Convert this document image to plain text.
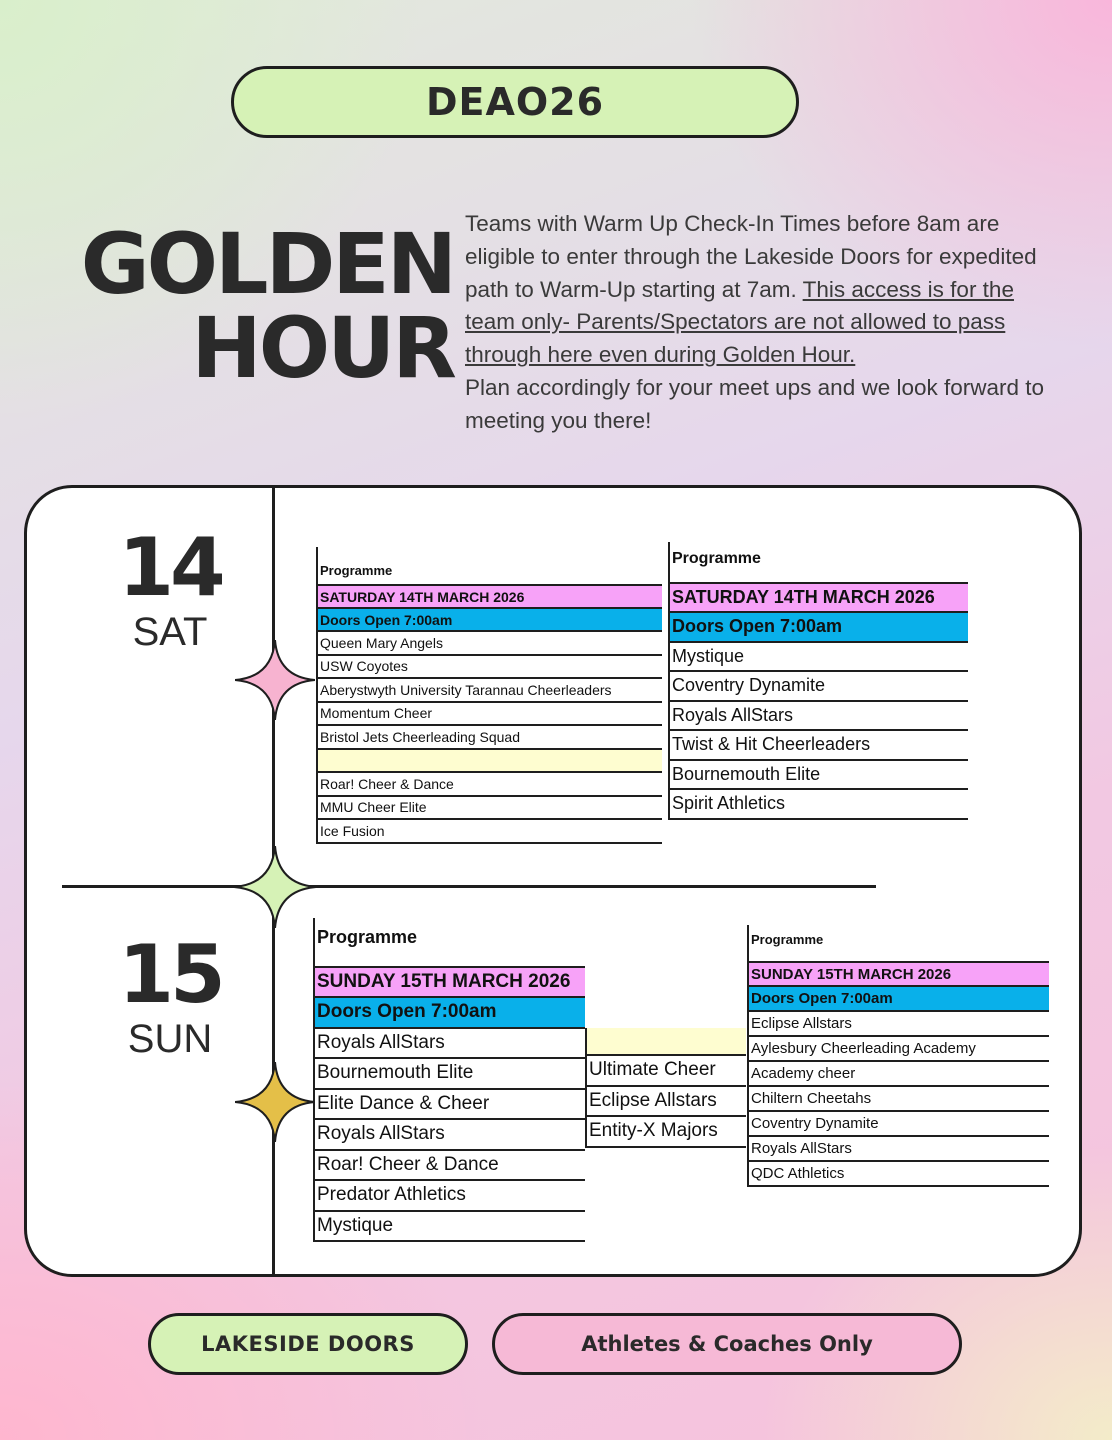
DEAO26
GOLDEN
HOUR
Teams with Warm Up Check-In Times before 8am are eligible to enter through the Lakeside Doors for expedited path to Warm-Up starting at 7am. This access is for the team only- Parents/Spectators are not allowed to pass through here even during Golden Hour.
Plan accordingly for your meet ups and we look forward to meeting you there!
14
SAT
15
SUN
Programme
SATURDAY 14TH MARCH 2026
Doors Open 7:00am
Queen Mary Angels
USW Coyotes
Aberystwyth University Tarannau Cheerleaders
Momentum Cheer
Bristol Jets Cheerleading Squad
Roar! Cheer & Dance
MMU Cheer Elite
Ice Fusion
Programme
SATURDAY 14TH MARCH 2026
Doors Open 7:00am
Mystique
Coventry Dynamite
Royals AllStars
Twist & Hit Cheerleaders
Bournemouth Elite
Spirit Athletics
Programme
SUNDAY 15TH MARCH 2026
Doors Open 7:00am
Royals AllStars
Bournemouth Elite
Elite Dance & Cheer
Royals AllStars
Roar! Cheer & Dance
Predator Athletics
Mystique
Ultimate Cheer
Eclipse Allstars
Entity-X Majors
Programme
SUNDAY 15TH MARCH 2026
Doors Open 7:00am
Eclipse Allstars
Aylesbury Cheerleading Academy
Academy cheer
Chiltern Cheetahs
Coventry Dynamite
Royals AllStars
QDC Athletics
LAKESIDE DOORS	Athletes & Coaches Only
